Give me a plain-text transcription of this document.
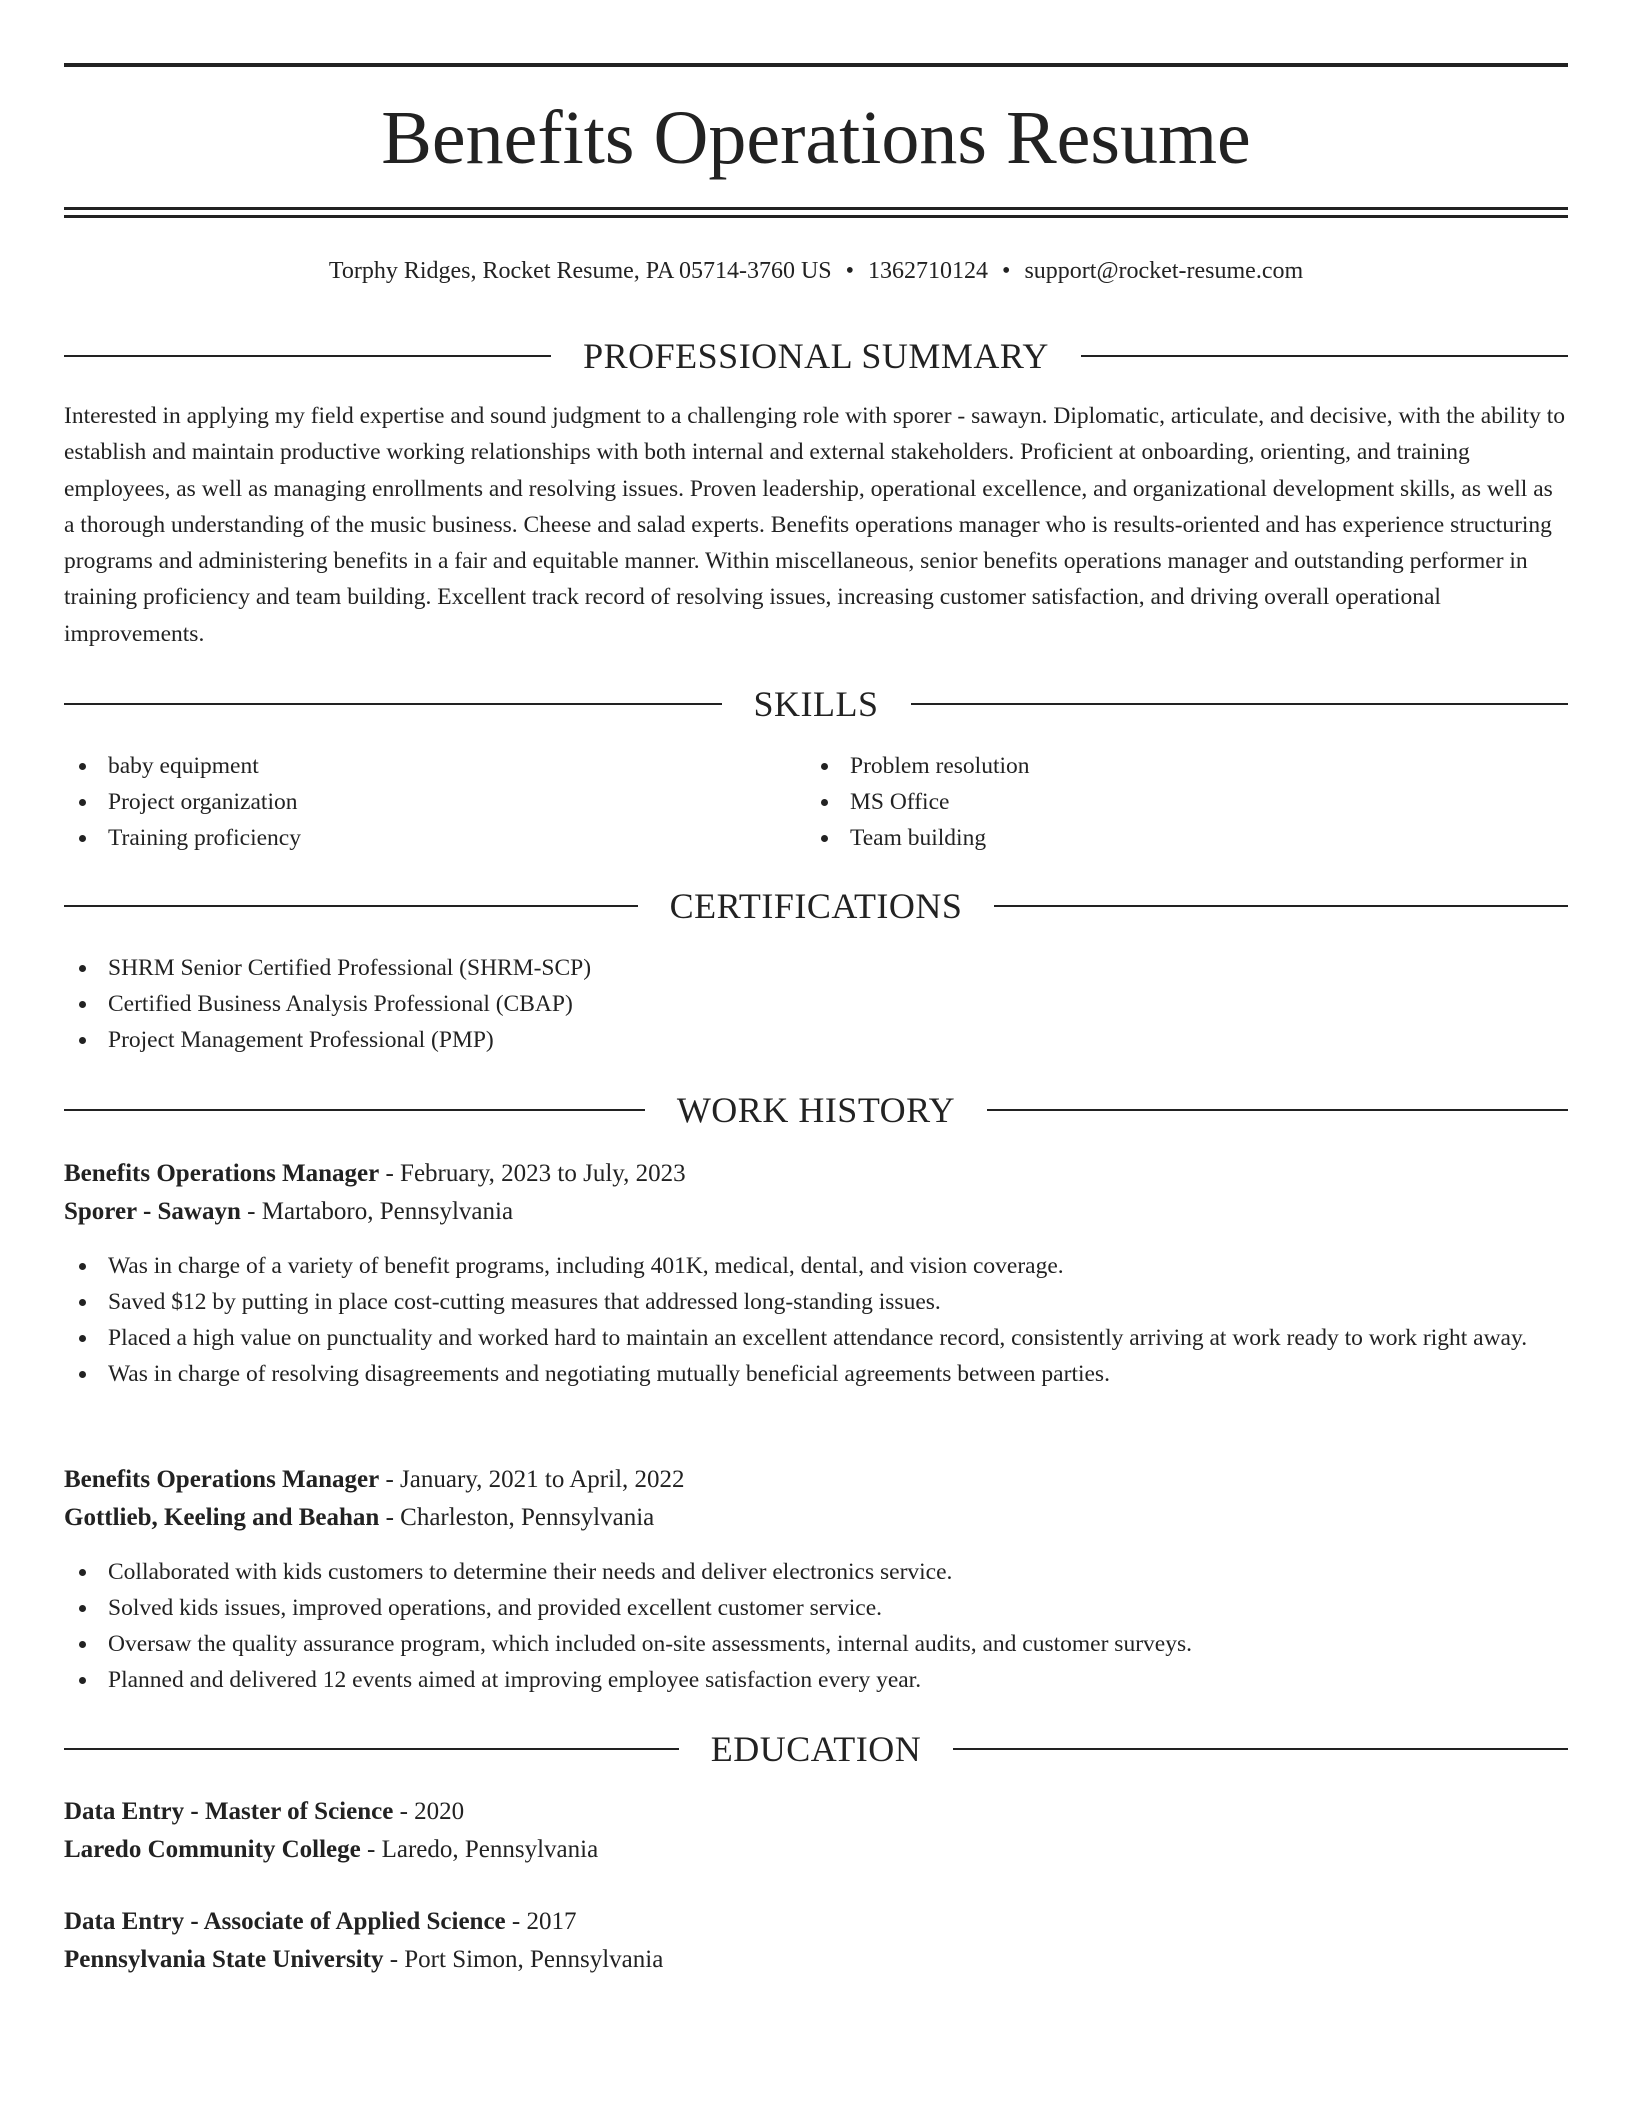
Benefits Operations Resume
Torphy Ridges, Rocket Resume, PA 05714-3760 US • 1362710124 • support@rocket-resume.com
PROFESSIONAL SUMMARY

Interested in applying my field expertise and sound judgment to a challenging role with sporer - sawayn. Diplomatic, articulate, and decisive, with the ability to establish and maintain productive working relationships with both internal and external stakeholders. Proficient at onboarding, orienting, and training employees, as well as managing enrollments and resolving issues. Proven leadership, operational excellence, and organizational development skills, as well as a thorough understanding of the music business. Cheese and salad experts. Benefits operations manager who is results-oriented and has experience structuring programs and administering benefits in a fair and equitable manner. Within miscellaneous, senior benefits operations manager and outstanding performer in training proficiency and team building. Excellent track record of resolving issues, increasing customer satisfaction, and driving overall operational improvements.

SKILLS
baby equipment
Project organization
Training proficiency
Problem resolution
MS Office
Team building
CERTIFICATIONS
SHRM Senior Certified Professional (SHRM-SCP)
Certified Business Analysis Professional (CBAP)
Project Management Professional (PMP)
WORK HISTORY
Benefits Operations Manager - February, 2023 to July, 2023
Sporer - Sawayn - Martaboro, Pennsylvania
Was in charge of a variety of benefit programs, including 401K, medical, dental, and vision coverage.
Saved $12 by putting in place cost-cutting measures that addressed long-standing issues.
Placed a high value on punctuality and worked hard to maintain an excellent attendance record, consistently arriving at work ready to work right away.
Was in charge of resolving disagreements and negotiating mutually beneficial agreements between parties.
Benefits Operations Manager - January, 2021 to April, 2022
Gottlieb, Keeling and Beahan - Charleston, Pennsylvania
Collaborated with kids customers to determine their needs and deliver electronics service.
Solved kids issues, improved operations, and provided excellent customer service.
Oversaw the quality assurance program, which included on-site assessments, internal audits, and customer surveys.
Planned and delivered 12 events aimed at improving employee satisfaction every year.
EDUCATION
Data Entry - Master of Science - 2020
Laredo Community College - Laredo, Pennsylvania
Data Entry - Associate of Applied Science - 2017
Pennsylvania State University - Port Simon, Pennsylvania
